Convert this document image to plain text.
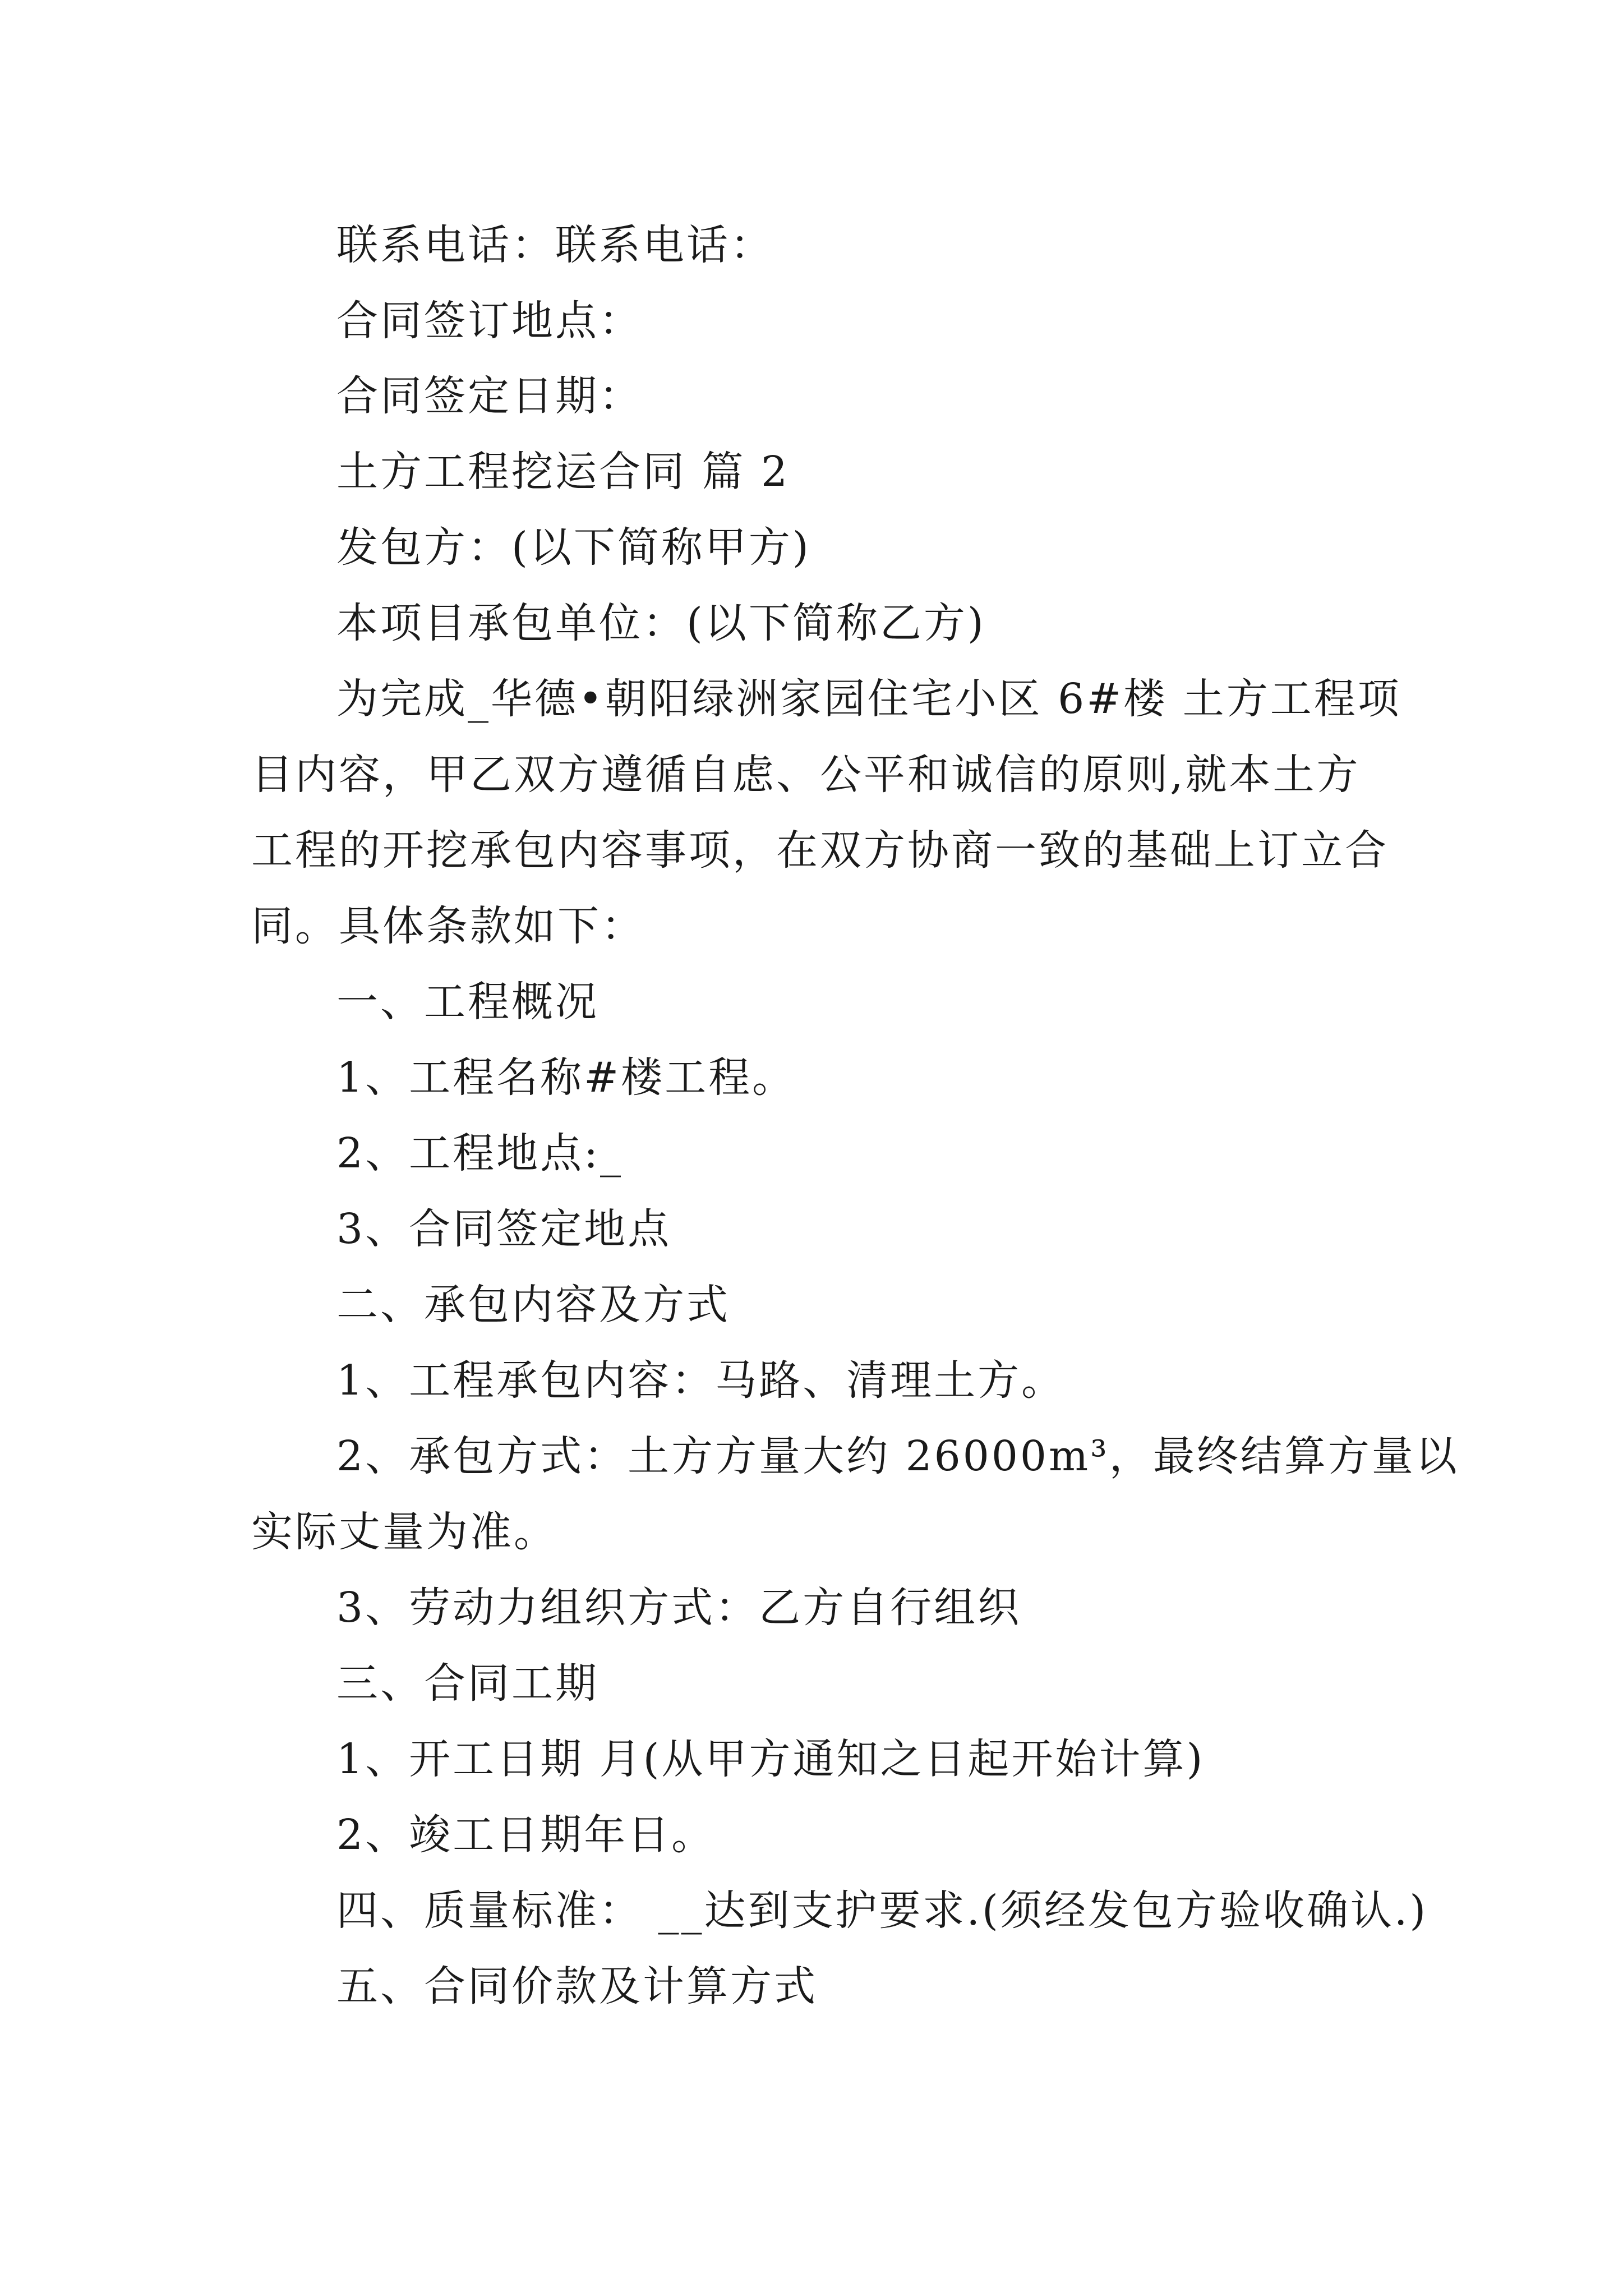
联系电话：联系电话：
合同签订地点：
合同签定日期：
土方工程挖运合同 篇 2
发包方：(以下简称甲方)
本项目承包单位：(以下简称乙方)
为完成_华德•朝阳绿洲家园住宅小区 6#楼 土方工程项
目内容，甲乙双方遵循自虑、公平和诚信的原则,就本土方
工程的开挖承包内容事项，在双方协商一致的基础上订立合
同。具体条款如下：
一、工程概况
1、工程名称#楼工程。
2、工程地点:_
3、合同签定地点
二、承包内容及方式
1、工程承包内容：马路、清理土方。
2、承包方式：土方方量大约 26000m³，最终结算方量以
实际丈量为准。
3、劳动力组织方式：乙方自行组织
三、合同工期
1、开工日期 月(从甲方通知之日起开始计算)
2、竣工日期年日。
四、质量标准： __达到支护要求.(须经发包方验收确认.)
五、合同价款及计算方式
